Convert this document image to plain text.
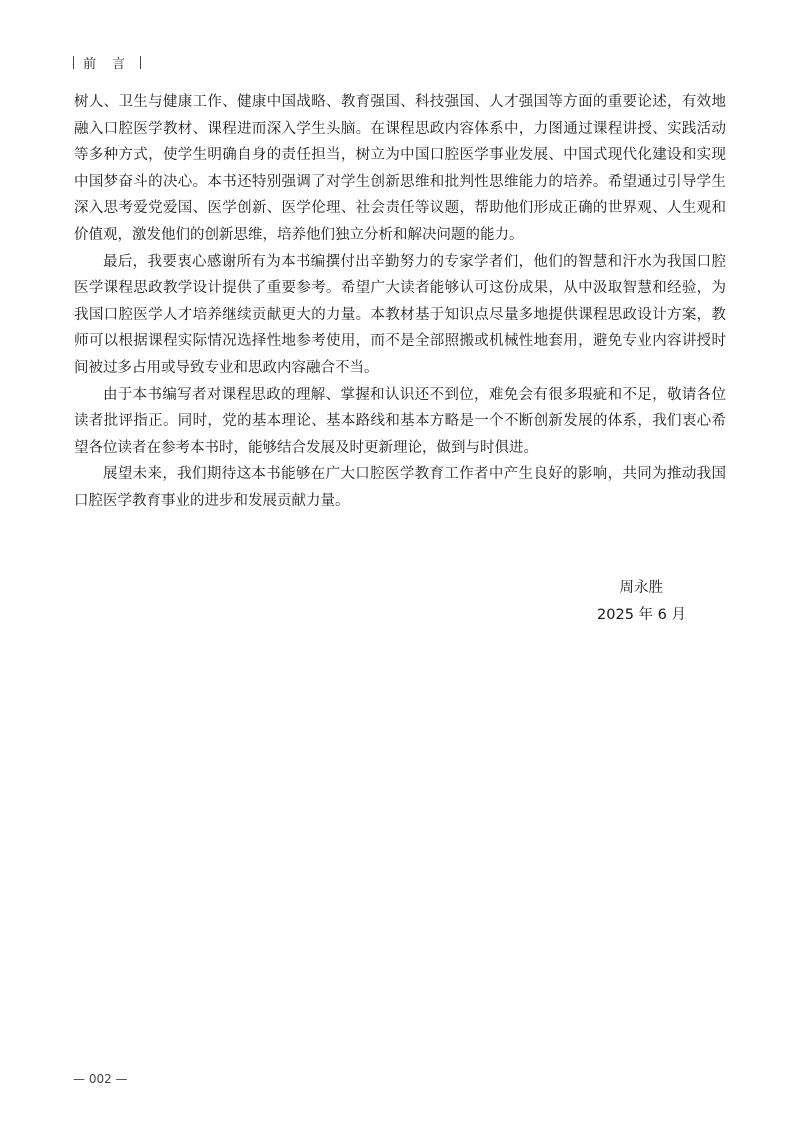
前 言

树人、卫生与健康工作、健康中国战略、教育强国、科技强国、人才强国等方面的重要论述，有效地融入口腔医学教材、课程进而深入学生头脑。在课程思政内容体系中，力图通过课程讲授、实践活动等多种方式，使学生明确自身的责任担当，树立为中国口腔医学事业发展、中国式现代化建设和实现中国梦奋斗的决心。本书还特别强调了对学生创新思维和批判性思维能力的培养。希望通过引导学生深入思考爱党爱国、医学创新、医学伦理、社会责任等议题，帮助他们形成正确的世界观、人生观和价值观，激发他们的创新思维，培养他们独立分析和解决问题的能力。

最后，我要衷心感谢所有为本书编撰付出辛勤努力的专家学者们，他们的智慧和汗水为我国口腔医学课程思政教学设计提供了重要参考。希望广大读者能够认可这份成果，从中汲取智慧和经验，为我国口腔医学人才培养继续贡献更大的力量。本教材基于知识点尽量多地提供课程思政设计方案，教师可以根据课程实际情况选择性地参考使用，而不是全部照搬或机械性地套用，避免专业内容讲授时间被过多占用或导致专业和思政内容融合不当。

由于本书编写者对课程思政的理解、掌握和认识还不到位，难免会有很多瑕疵和不足，敬请各位读者批评指正。同时，党的基本理论、基本路线和基本方略是一个不断创新发展的体系，我们衷心希望各位读者在参考本书时，能够结合发展及时更新理论，做到与时俱进。

展望未来，我们期待这本书能够在广大口腔医学教育工作者中产生良好的影响，共同为推动我国口腔医学教育事业的进步和发展贡献力量。

周永胜
2025 年 6 月
— 002 —
